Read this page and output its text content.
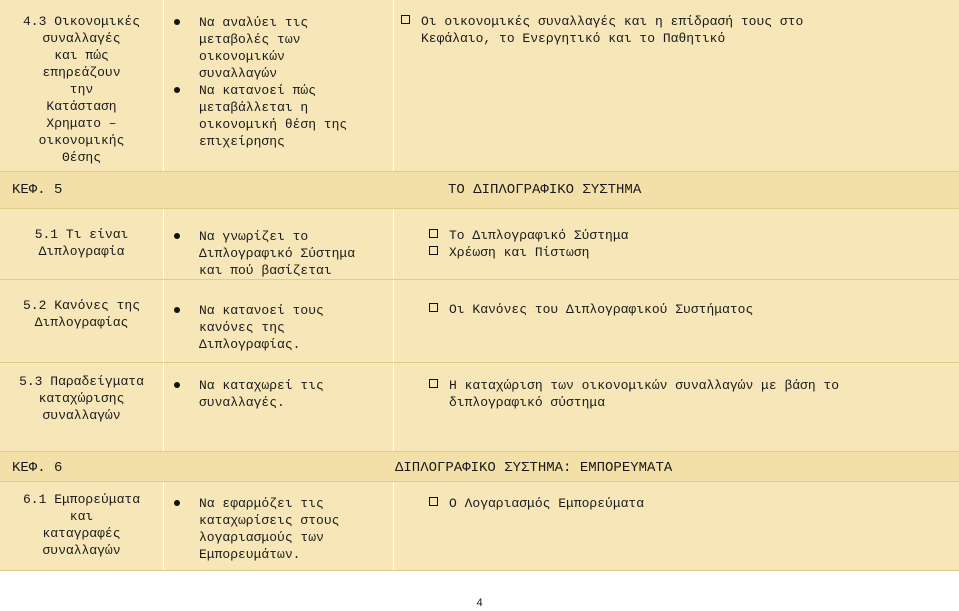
4.3 Οικονομικές
συναλλαγές
και πώς
επηρεάζουν
την
Κατάσταση
Χρηματο –
οικονομικής
Θέσης
Να αναλύει τις
μεταβολές των
οικονομικών
συναλλαγών
Να κατανοεί πώς
μεταβάλλεται η
οικονομική θέση της
επιχείρησης
Οι οικονομικές συναλλαγές και η επίδρασή τους στο
Κεφάλαιο, το Ενεργητικό και το Παθητικό
ΚΕΦ. 5	ΤΟ ΔΙΠΛΟΓΡΑΦΙΚΟ ΣΥΣΤΗΜΑ
5.1 Τι είναι
Διπλογραφία
Να γνωρίζει το
Διπλογραφικό Σύστημα
και πού βασίζεται
Το Διπλογραφικό Σύστημα
Χρέωση και Πίστωση
5.2 Κανόνες της
Διπλογραφίας
Να κατανοεί τους
κανόνες της
Διπλογραφίας.
Οι Κανόνες του Διπλογραφικού Συστήματος
5.3 Παραδείγματα
καταχώρισης
συναλλαγών
Να καταχωρεί τις
συναλλαγές.
Η καταχώριση των οικονομικών συναλλαγών με βάση το
διπλογραφικό σύστημα
ΚΕΦ. 6	ΔΙΠΛΟΓΡΑΦΙΚΟ ΣΥΣΤΗΜΑ: ΕΜΠΟΡΕΥΜΑΤΑ
6.1 Εμπορεύματα
και
καταγραφές
συναλλαγών
Να εφαρμόζει τις
καταχωρίσεις στους
λογαριασμούς των
Εμπορευμάτων.
Ο Λογαριασμός Εμπορεύματα
4
